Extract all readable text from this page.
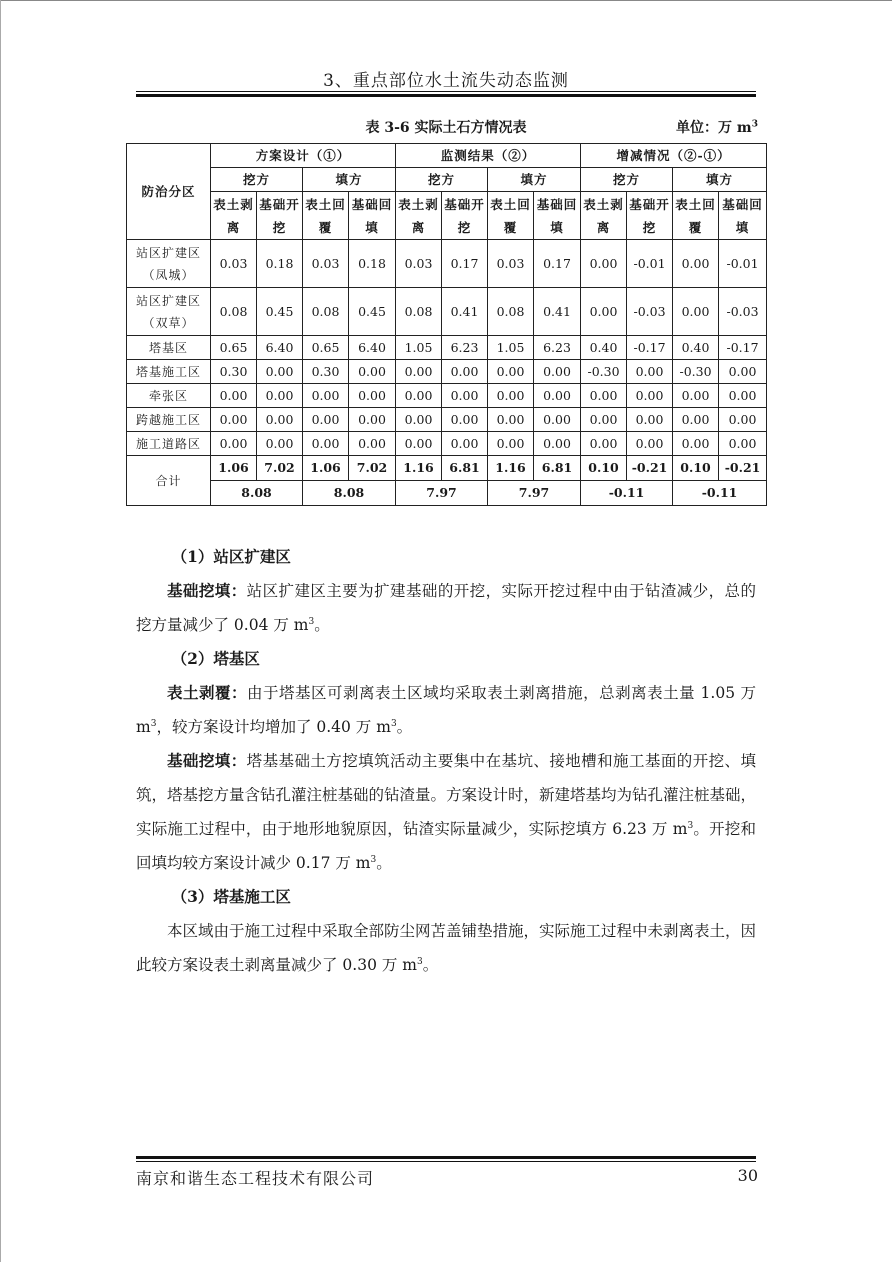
3、重点部位水土流失动态监测
表 3-6 实际土石方情况表	单位：万 $m^3$
防治分区	方案设计（①）				监测结果（②）				增减情况（②-①）			
	挖方		填方		挖方		填方		挖方		填方	
	表土剥离	基础开挖	表土回覆	基础回填	表土剥离	基础开挖	表土回覆	基础回填	表土剥离	基础开挖	表土回覆	基础回填
站区扩建区（凤城）	0.03	0.18	0.03	0.18	0.03	0.17	0.03	0.17	0.00	-0.01	0.00	-0.01
站区扩建区（双草）	0.08	0.45	0.08	0.45	0.08	0.41	0.08	0.41	0.00	-0.03	0.00	-0.03
塔基区	0.65	6.40	0.65	6.40	1.05	6.23	1.05	6.23	0.40	-0.17	0.40	-0.17
塔基施工区	0.30	0.00	0.30	0.00	0.00	0.00	0.00	0.00	-0.30	0.00	-0.30	0.00
牵张区	0.00	0.00	0.00	0.00	0.00	0.00	0.00	0.00	0.00	0.00	0.00	0.00
跨越施工区	0.00	0.00	0.00	0.00	0.00	0.00	0.00	0.00	0.00	0.00	0.00	0.00
施工道路区	0.00	0.00	0.00	0.00	0.00	0.00	0.00	0.00	0.00	0.00	0.00	0.00
合计	1.06	7.02	1.06	7.02	1.16	6.81	1.16	6.81	0.10	-0.21	0.10	-0.21
	8.08		8.08		7.97		7.97		-0.11		-0.11	

（1）站区扩建区

基础挖填：站区扩建区主要为扩建基础的开挖，实际开挖过程中由于钻渣减少，总的挖方量减少了 0.04 万 $m^3$。

（2）塔基区

表土剥覆：由于塔基区可剥离表土区域均采取表土剥离措施，总剥离表土量 1.05 万 $m^3$，较方案设计均增加了 0.40 万 $m^3$。

基础挖填：塔基基础土方挖填筑活动主要集中在基坑、接地槽和施工基面的开挖、填筑，塔基挖方量含钻孔灌注桩基础的钻渣量。方案设计时，新建塔基均为钻孔灌注桩基础，实际施工过程中，由于地形地貌原因，钻渣实际量减少，实际挖填方 6.23 万 $m^3$。开挖和回填均较方案设计减少 0.17 万 $m^3$。

（3）塔基施工区

本区域由于施工过程中采取全部防尘网苫盖铺垫措施，实际施工过程中未剥离表土，因此较方案设表土剥离量减少了 0.30 万 $m^3$。

南京和谐生态工程技术有限公司	30
